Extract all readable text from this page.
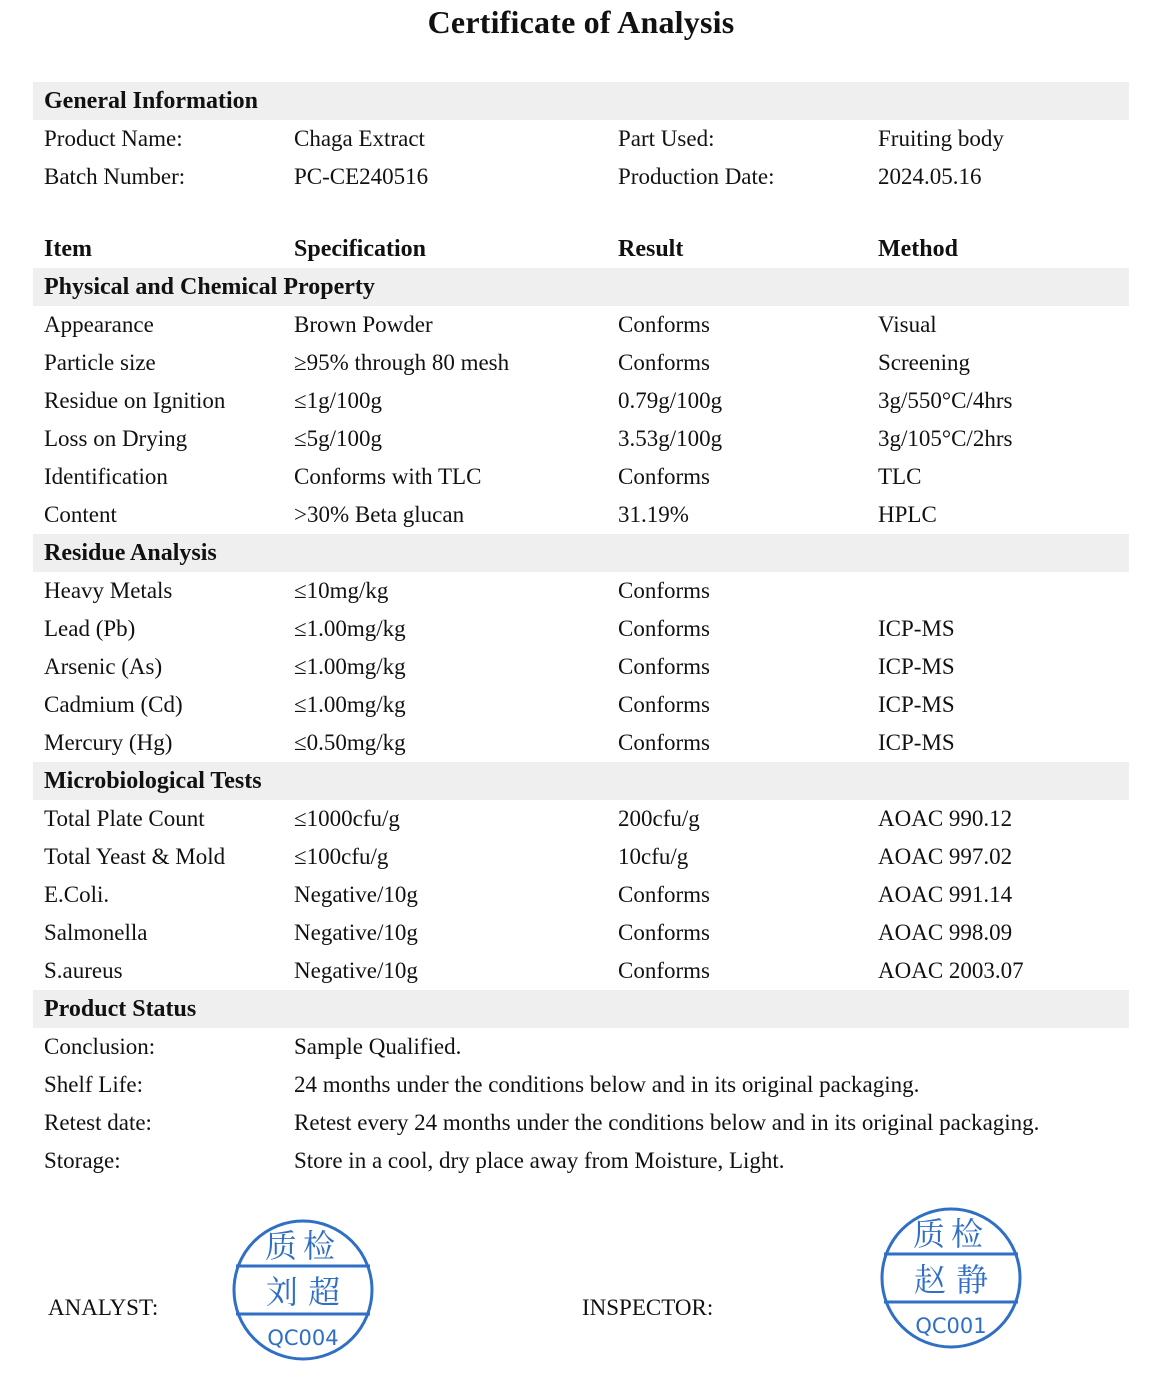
Certificate of Analysis
General Information
Product Name:	Chaga Extract	Part Used:	Fruiting body
Batch Number:	PC-CE240516	Production Date:	2024.05.16
Item	Specification	Result	Method
Physical and Chemical Property
Appearance	Brown Powder	Conforms	Visual
Particle size	≥95% through 80 mesh	Conforms	Screening
Residue on Ignition	≤1g/100g	0.79g/100g	3g/550°C/4hrs
Loss on Drying	≤5g/100g	3.53g/100g	3g/105°C/2hrs
Identification	Conforms with TLC	Conforms	TLC
Content	>30% Beta glucan	31.19%	HPLC
Residue Analysis
Heavy Metals	≤10mg/kg	Conforms
Lead (Pb)	≤1.00mg/kg	Conforms	ICP-MS
Arsenic (As)	≤1.00mg/kg	Conforms	ICP-MS
Cadmium (Cd)	≤1.00mg/kg	Conforms	ICP-MS
Mercury (Hg)	≤0.50mg/kg	Conforms	ICP-MS
Microbiological Tests
Total Plate Count	≤1000cfu/g	200cfu/g	AOAC 990.12
Total Yeast & Mold	≤100cfu/g	10cfu/g	AOAC 997.02
E.Coli.	Negative/10g	Conforms	AOAC 991.14
Salmonella	Negative/10g	Conforms	AOAC 998.09
S.aureus	Negative/10g	Conforms	AOAC 2003.07
Product Status
Conclusion:	Sample Qualified.
Shelf Life:	24 months under the conditions below and in its original packaging.
Retest date:	Retest every 24 months under the conditions below and in its original packaging.
Storage:	Store in a cool, dry place away from Moisture, Light.
ANALYST:
质检
刘 超
QC004
INSPECTOR:
质检
赵 静
QC001
